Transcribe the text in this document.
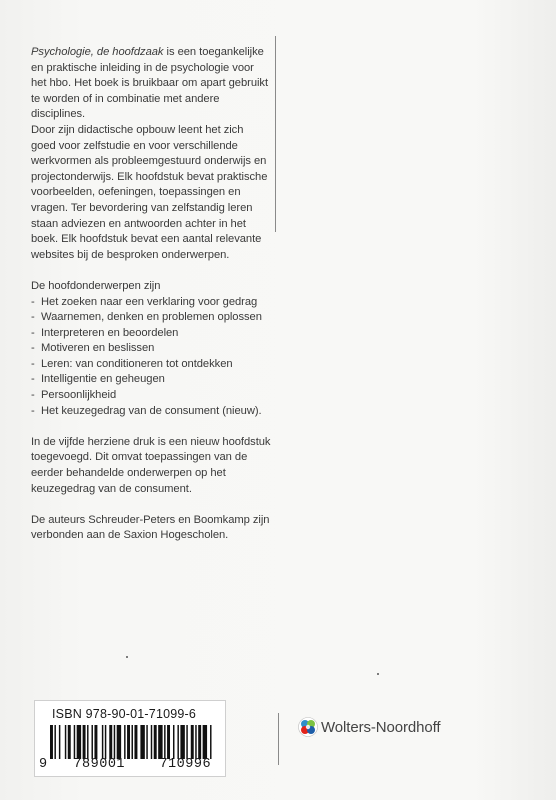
Psychologie, de hoofdzaak is een toegankelijke en praktische inleiding in de psychologie voor het hbo. Het boek is bruikbaar om apart gebruikt te worden of in combinatie met andere disciplines.

Door zijn didactische opbouw leent het zich goed voor zelfstudie en voor verschillende werkvormen als probleemgestuurd onderwijs en projectonderwijs. Elk hoofdstuk bevat praktische voorbeelden, oefeningen, toepassingen en vragen. Ter bevordering van zelfstandig leren staan adviezen en antwoorden achter in het boek. Elk hoofdstuk bevat een aantal relevante websites bij de besproken onderwerpen.

De hoofdonderwerpen zijn

- Het zoeken naar een verklaring voor gedrag
- Waarnemen, denken en problemen oplossen
- Interpreteren en beoordelen
- Motiveren en beslissen
- Leren: van conditioneren tot ontdekken
- Intelligentie en geheugen
- Persoonlijkheid
- Het keuzegedrag van de consument (nieuw).

In de vijfde herziene druk is een nieuw hoofdstuk toegevoegd. Dit omvat toepassingen van de eerder behandelde onderwerpen op het keuzegedrag van de consument.

De auteurs Schreuder-Peters en Boomkamp zijn verbonden aan de Saxion Hogescholen.

ISBN 978-90-01-71099-6
9 789001	710996
Wolters-Noordhoff
